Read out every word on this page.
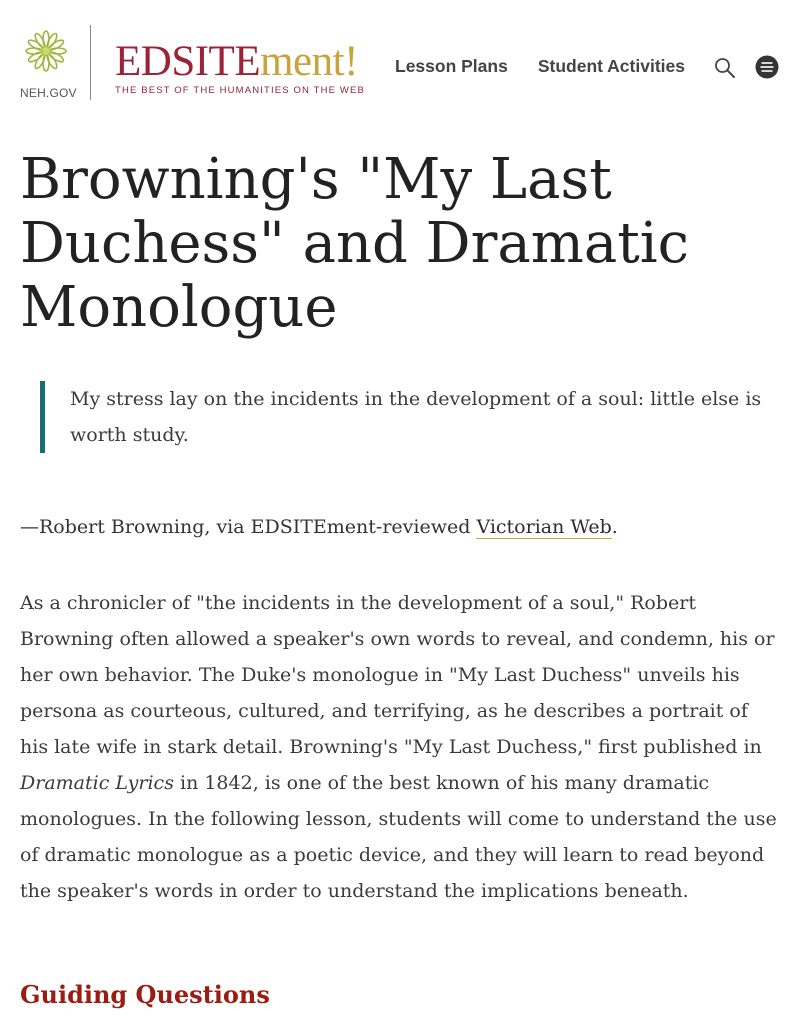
NEH.GOV
EDSITEment!
THE BEST OF THE HUMANITIES ON THE WEB
Lesson Plans Student Activities
Browning's "My Last Duchess" and Dramatic Monologue
My stress lay on the incidents in the development of a soul: little else is worth study.
—Robert Browning, via EDSITEment-reviewed Victorian Web.
As a chronicler of "the incidents in the development of a soul," Robert Browning often allowed a speaker's own words to reveal, and condemn, his or her own behavior. The Duke's monologue in "My Last Duchess" unveils his persona as courteous, cultured, and terrifying, as he describes a portrait of his late wife in stark detail. Browning's "My Last Duchess," first published in Dramatic Lyrics in 1842, is one of the best known of his many dramatic monologues. In the following lesson, students will come to understand the use of dramatic monologue as a poetic device, and they will learn to read beyond the speaker's words in order to understand the implications beneath.
Guiding Questions
